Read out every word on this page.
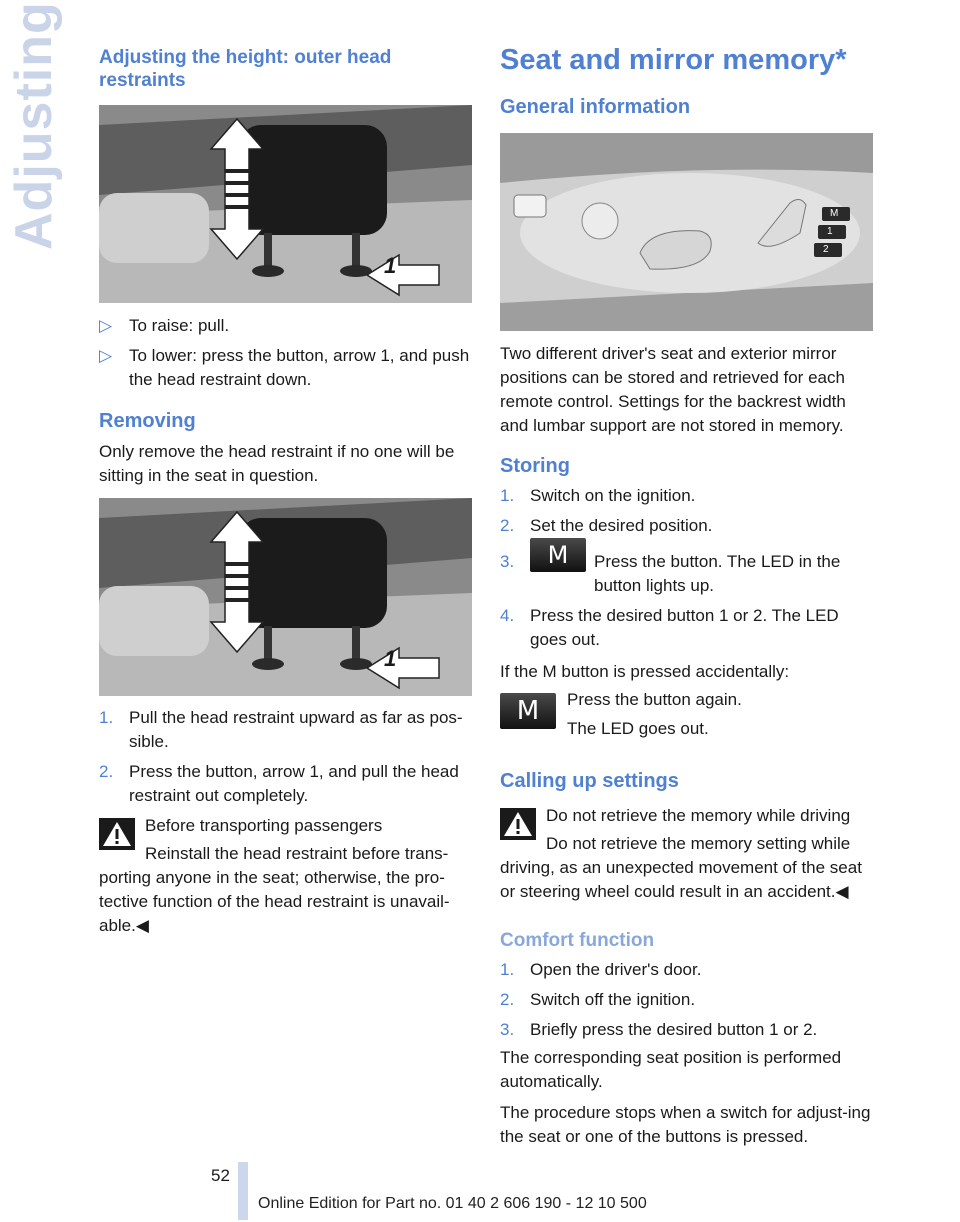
Adjusting Adjusting the height: outer head restraints
1
▷ To raise: pull.
▷ To lower: press the button, arrow 1, and push the head restraint down.
Removing

Only remove the head restraint if no one will be sitting in the seat in question.

1
1. Pull the head restraint upward as far as pos-sible.
2. Press the button, arrow 1, and pull the head restraint out completely.

Before transporting passengers

Reinstall the head restraint before trans-

porting anyone in the seat; otherwise, the pro-tective function of the head restraint is unavail-able.◀

Seat and mirror memory*
General information
M
1
2

Two different driver's seat and exterior mirror positions can be stored and retrieved for each remote control. Settings for the backrest width and lumbar support are not stored in memory.

Storing
1. Switch on the ignition.
2. Set the desired position.
3.	M	Press the button. The LED in the button lights up.
4. Press the desired button 1 or 2. The LED goes out.

If the M button is pressed accidentally:

M	Press the button again.

The LED goes out.

Calling up settings

Do not retrieve the memory while driving

Do not retrieve the memory setting while

driving, as an unexpected movement of the seat or steering wheel could result in an accident.◀

Comfort function
1. Open the driver's door.
2. Switch off the ignition.
3. Briefly press the desired button 1 or 2.

The corresponding seat position is performed automatically.

The procedure stops when a switch for adjust-ing the seat or one of the buttons is pressed.

52
Online Edition for Part no. 01 40 2 606 190 - 12 10 500
